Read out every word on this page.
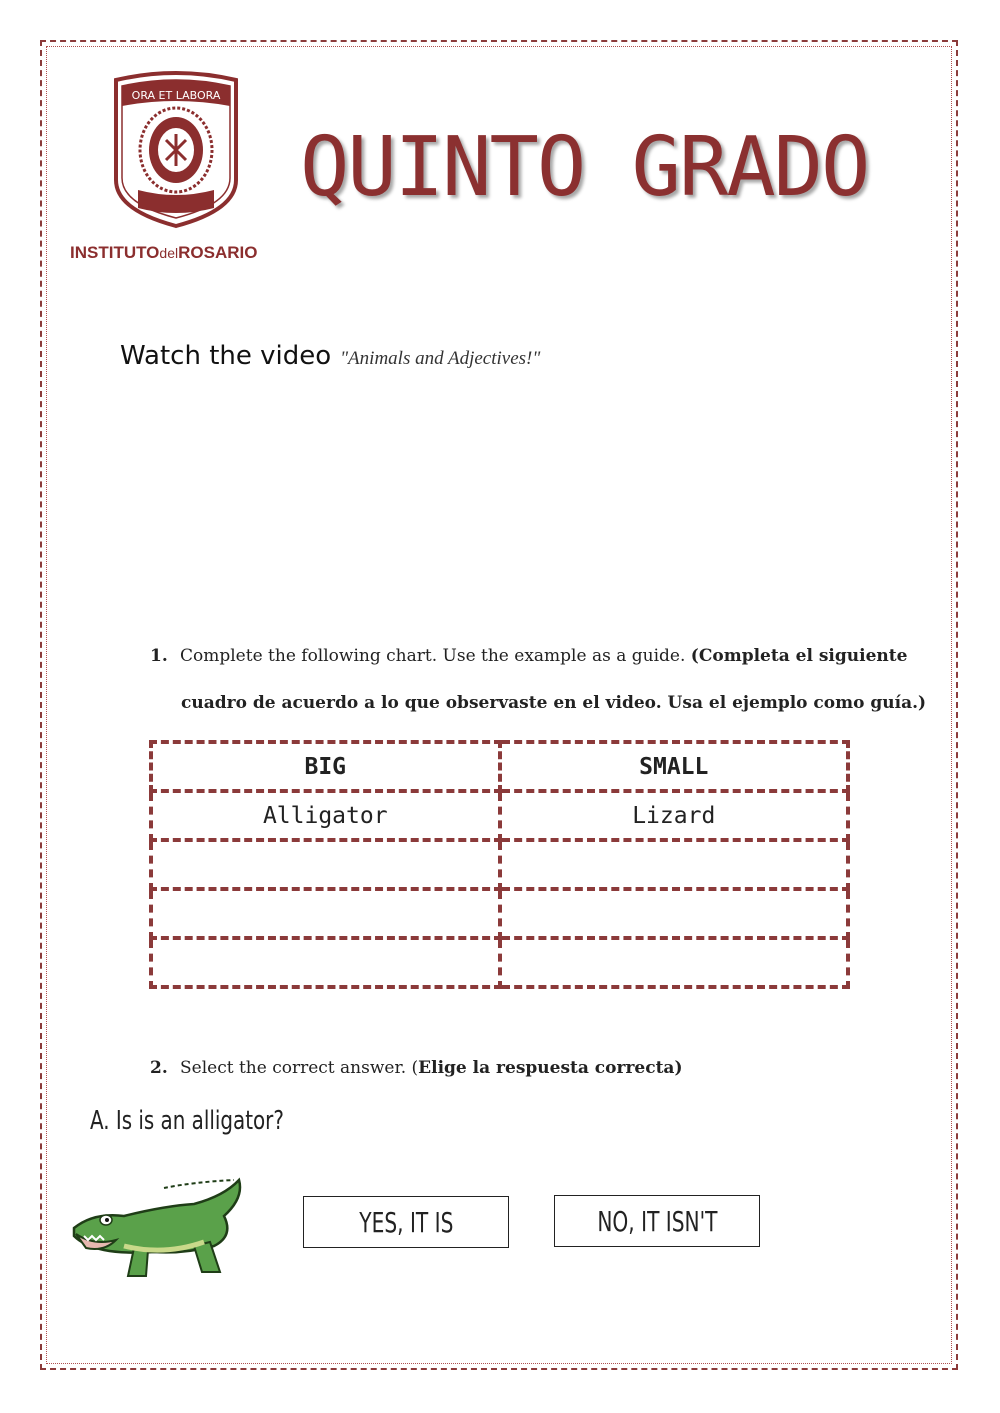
ORA ET LABORA
INSTITUTOdelROSARIO
QUINTO GRADO
Watch the video "Animals and Adjectives!"
1. Complete the following chart. Use the example as a guide. (Completa el siguiente
cuadro de acuerdo a lo que observaste en el video. Usa el ejemplo como guía.)
BIG	SMALL
Alligator	Lizard

2. Select the correct answer. (Elige la respuesta correcta)
A. Is is an alligator?
YES, IT IS	NO, IT ISN'T
